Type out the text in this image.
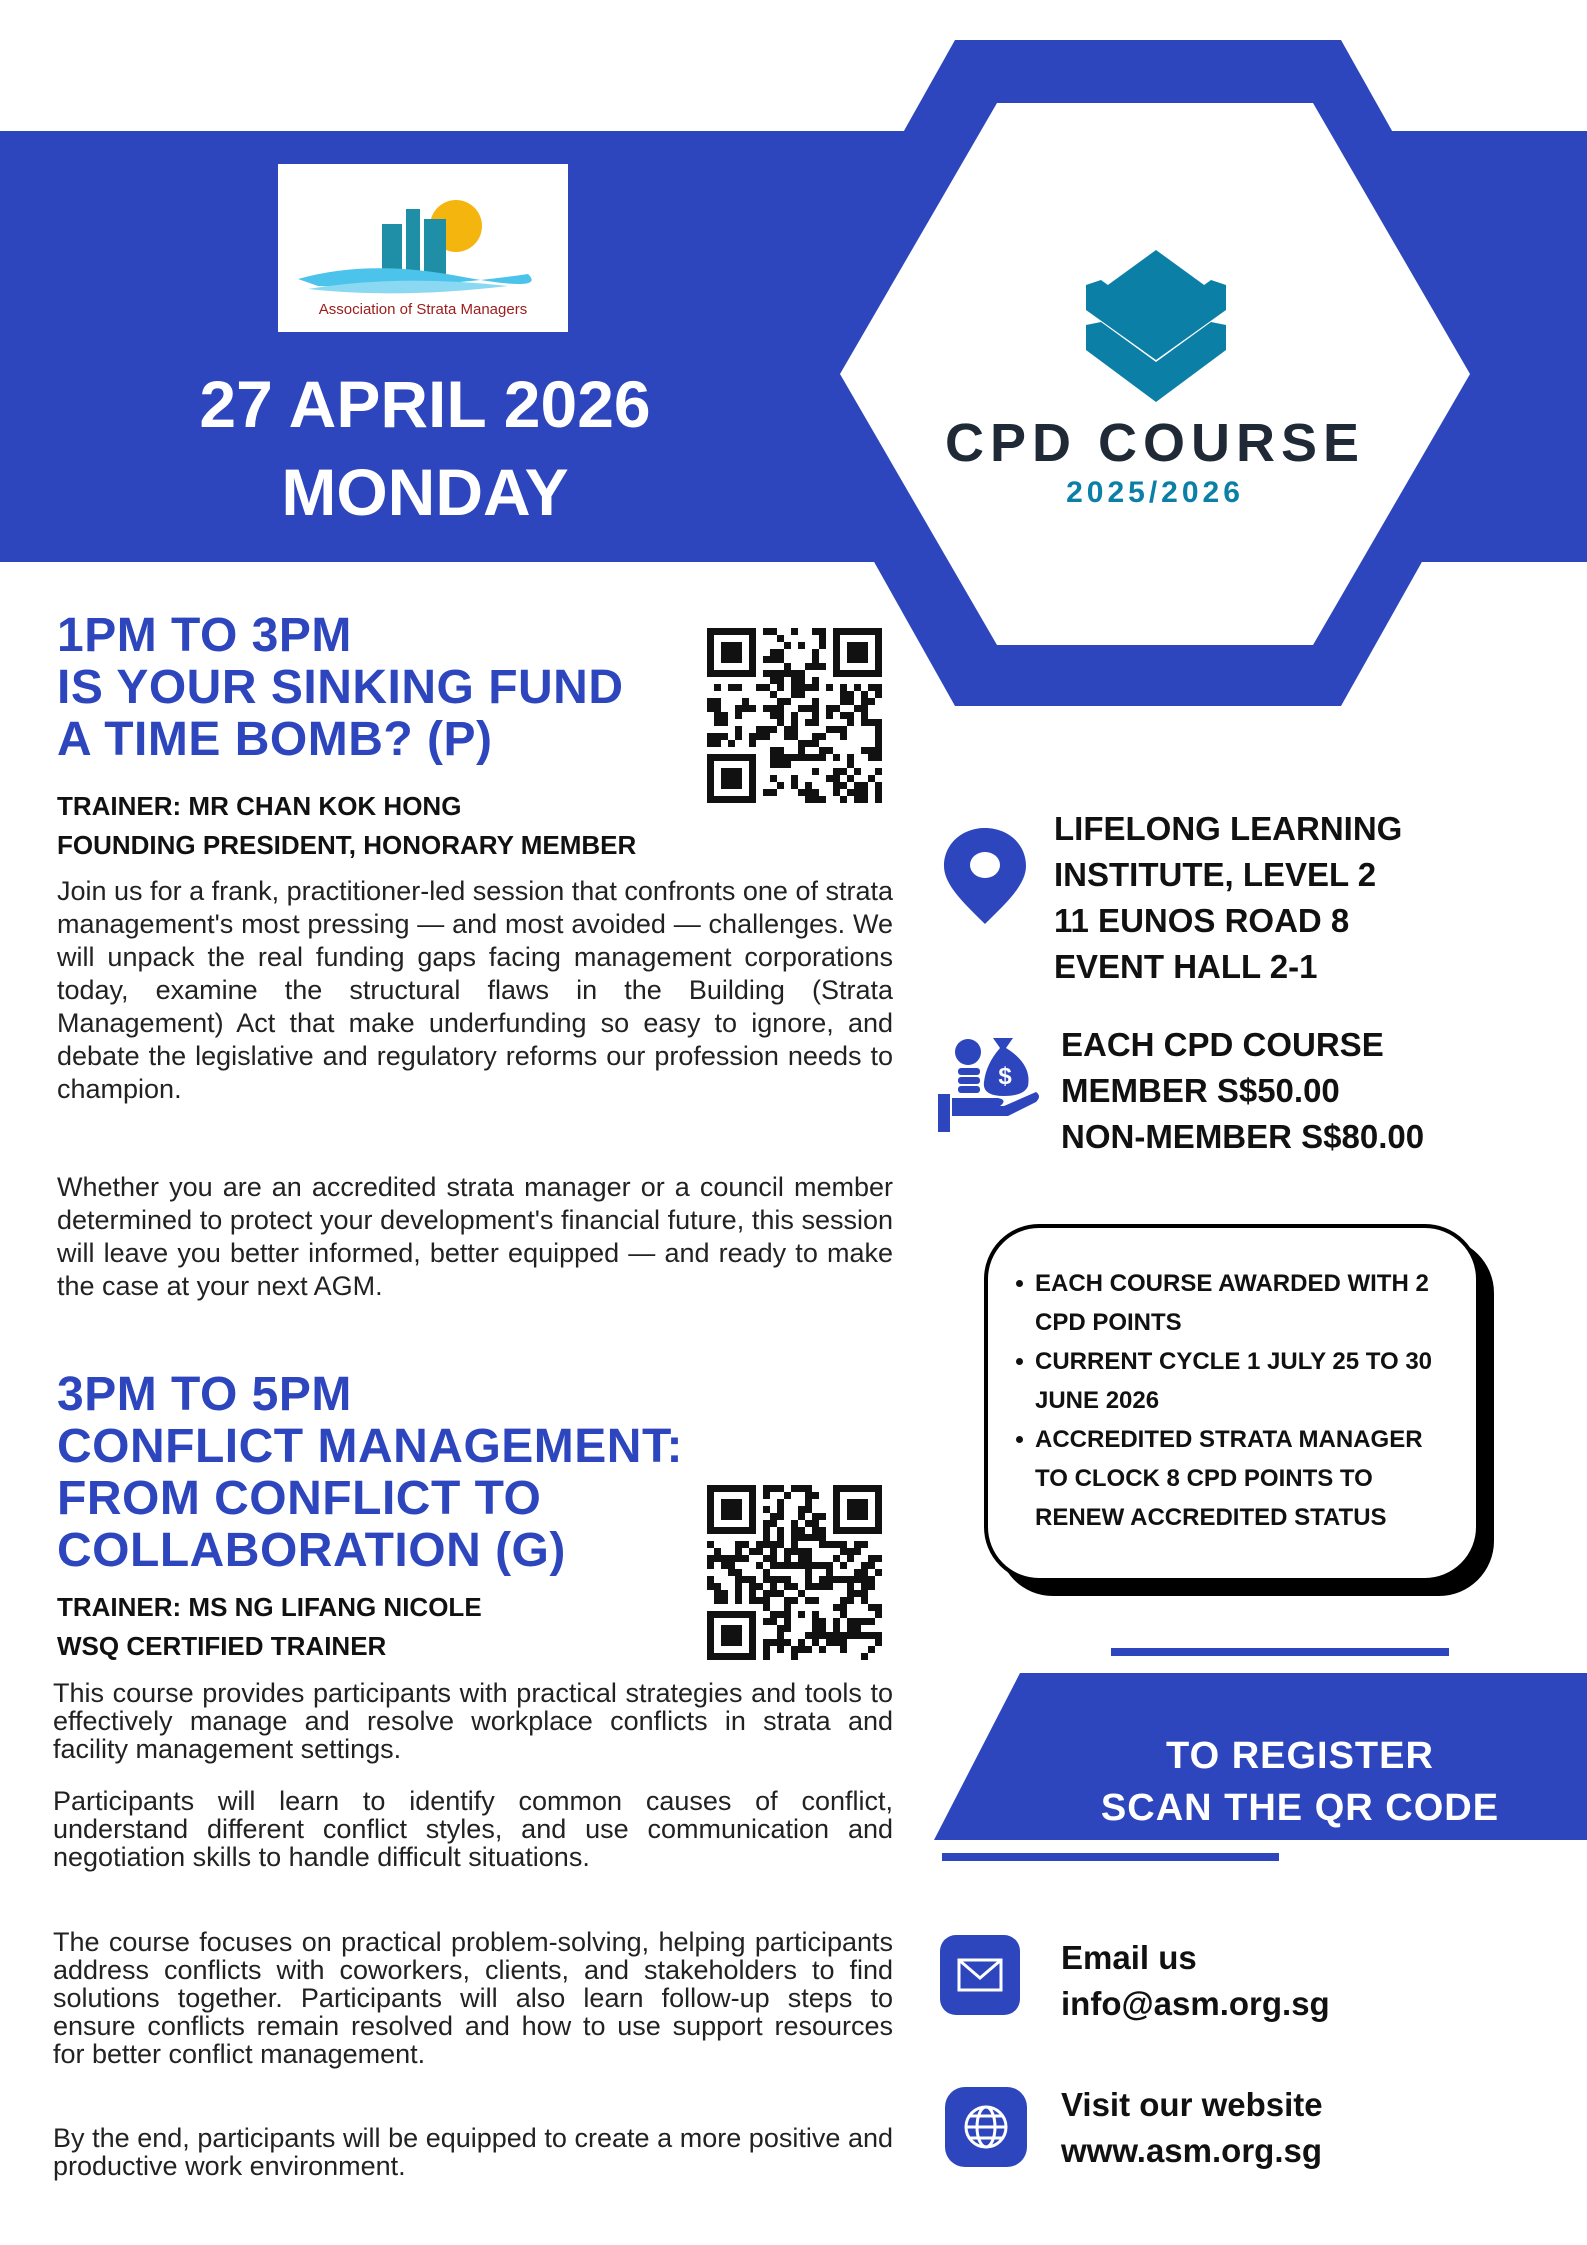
Association of Strata Managers
27 APRIL 2026
MONDAY
CPD COURSE
2025/2026
1PM TO 3PM
IS YOUR SINKING FUND
A TIME BOMB? (P)
TRAINER: MR CHAN KOK HONG
FOUNDING PRESIDENT, HONORARY MEMBER
Join us for a frank, practitioner-led session that confronts one of strata management's most pressing — and most avoided — challenges. We will unpack the real funding gaps facing management corporations today, examine the structural flaws in the Building (Strata Management) Act that make underfunding so easy to ignore, and debate the legislative and regulatory reforms our profession needs to champion.
Whether you are an accredited strata manager or a council member determined to protect your development's financial future, this session will leave you better informed, better equipped — and ready to make the case at your next AGM.
3PM TO 5PM
CONFLICT MANAGEMENT:
FROM CONFLICT TO
COLLABORATION (G)
TRAINER: MS NG LIFANG NICOLE
WSQ CERTIFIED TRAINER
This course provides participants with practical strategies and tools to effectively manage and resolve workplace conflicts in strata and facility management settings.
Participants will learn to identify common causes of conflict, understand different conflict styles, and use communication and negotiation skills to handle difficult situations.
The course focuses on practical problem-solving, helping participants address conflicts with coworkers, clients, and stakeholders to find solutions together. Participants will also learn follow-up steps to ensure conflicts remain resolved and how to use support resources for better conflict management.
By the end, participants will be equipped to create a more positive and productive work environment.
LIFELONG LEARNING
INSTITUTE, LEVEL 2
11 EUNOS ROAD 8
EVENT HALL 2-1
$
EACH CPD COURSE
MEMBER S$50.00
NON-MEMBER S$80.00
EACH COURSE AWARDED WITH 2 CPD POINTS
CURRENT CYCLE 1 JULY 25 TO 30 JUNE 2026
ACCREDITED STRATA MANAGER TO CLOCK 8 CPD POINTS TO RENEW ACCREDITED STATUS
TO REGISTER
SCAN THE QR CODE
Email us
info@asm.org.sg
Visit our website
www.asm.org.sg
